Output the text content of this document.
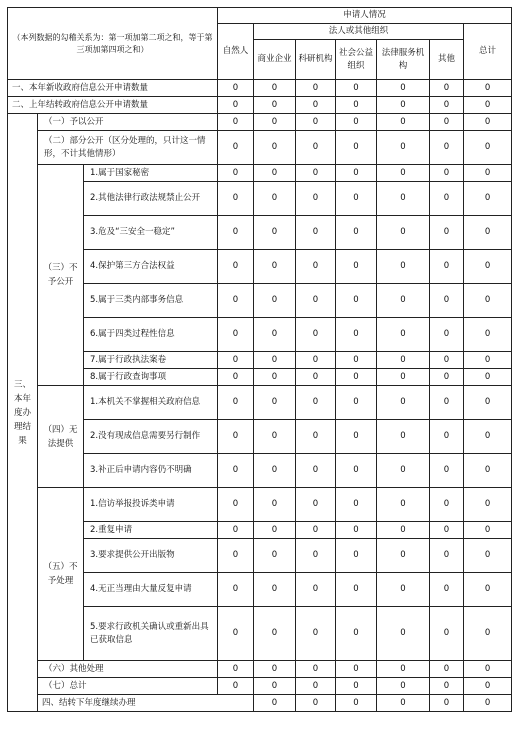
（本列数据的勾稽关系为：第一项加第二项之和，等于第三项加第四项之和）			申请人情况							
			自然人	法人或其他组织					总计	
				商业企业	科研机构	社会公益组织	法律服务机构	其他		
一、本年新收政府信息公开申请数量			0	0	0	0	0	0	0	
二、上年结转政府信息公开申请数量			0	0	0	0	0	0	0	
三、本年度办理结果	（一）予以公开		0	0	0	0	0	0	0	
	（二）部分公开（区分处理的，只计这一情形，不计其他情形）		0	0	0	0	0	0	0	
	（三）不予公开	1.属于国家秘密	0	0	0	0	0	0	0	
		2.其他法律行政法规禁止公开	0	0	0	0	0	0	0	
		3.危及“三安全一稳定”	0	0	0	0	0	0	0	
		4.保护第三方合法权益	0	0	0	0	0	0	0	
		5.属于三类内部事务信息	0	0	0	0	0	0	0	
		6.属于四类过程性信息	0	0	0	0	0	0	0	
		7.属于行政执法案卷	0	0	0	0	0	0	0	
		8.属于行政查询事项	0	0	0	0	0	0	0	
	（四）无法提供	1.本机关不掌握相关政府信息	0	0	0	0	0	0	0	
		2.没有现成信息需要另行制作	0	0	0	0	0	0	0	
		3.补正后申请内容仍不明确	0	0	0	0	0	0	0	
	（五）不予处理	1.信访举报投诉类申请	0	0	0	0	0	0	0	
		2.重复申请	0	0	0	0	0	0	0	
		3.要求提供公开出版物	0	0	0	0	0	0	0	
		4.无正当理由大量反复申请	0	0	0	0	0	0	0	
		5.要求行政机关确认或重新出具已获取信息	0	0	0	0	0	0	0	
	（六）其他处理		0	0	0	0	0	0	0	
	（七）总计		0	0	0	0	0	0	0	
	四、结转下年度继续办理			0	0	0	0	0	0	
